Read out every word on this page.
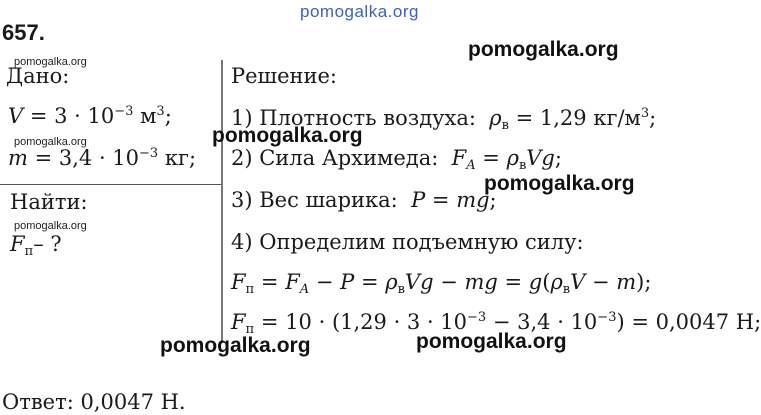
pomogalka.org
657.
pomogalka.org
Дано:
pomogalka.org
$V = 3 \cdot 10^{-3}$ $м^3$;
pomogalka.org
$m = 3,4 \cdot 10^{-3}$ кг;
Найти:
pomogalka.org
$F_п-$ ?
Решение:
1) Плотность воздуха:  $\rho_в = 1,29$ $кг/м^3$;
pomogalka.org
2) Сила Архимеда:  $F_A = \rho_вVg$;
pomogalka.org
3) Вес шарика:  P = mg;
4) Определим подъемную силу:
$F_п = F_A - P = \rho_вVg$ − mg = $g(\rho_вV - m)$;
$F_п = 10 \cdot (1,29 \cdot 3 \cdot 10^{-3} - 3,4 \cdot 10^{-3}) = 0,0047$ Н;
pomogalka.org	pomogalka.org
Ответ: 0,0047 Н.
